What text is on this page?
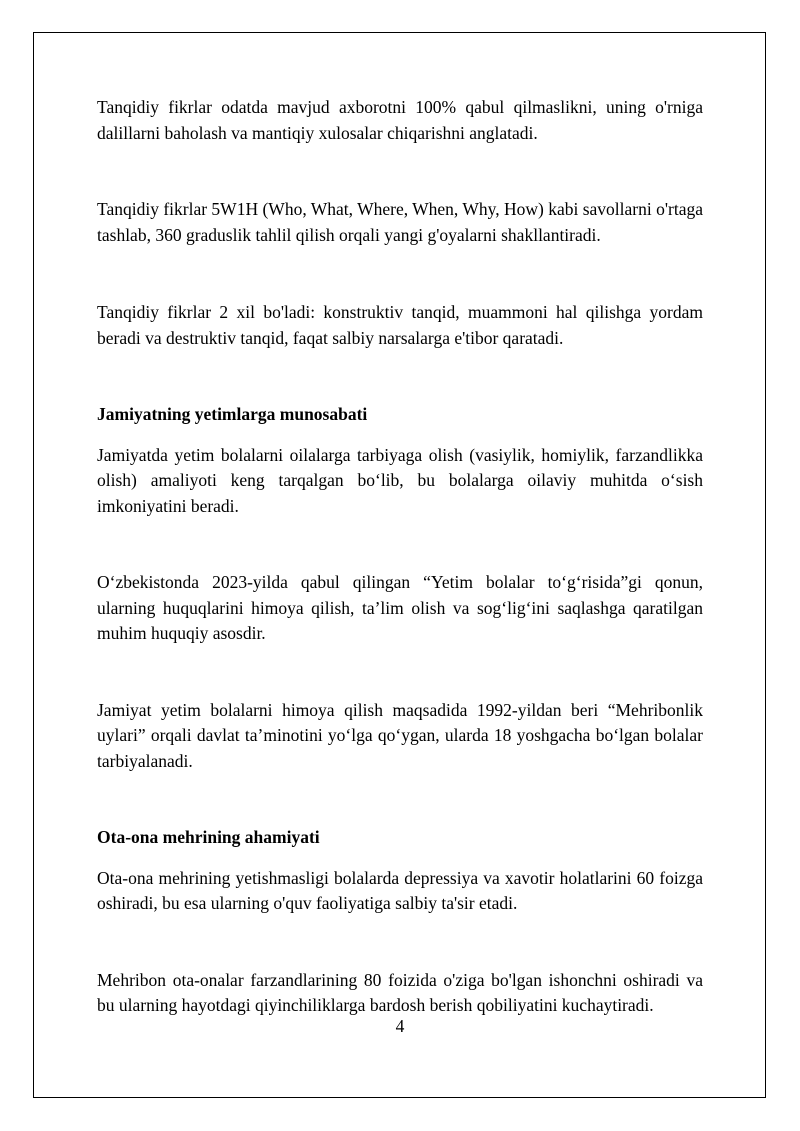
Tanqidiy fikrlar odatda mavjud axborotni 100% qabul qilmaslikni, uning o'rniga dalillarni baholash va mantiqiy xulosalar chiqarishni anglatadi.

Tanqidiy fikrlar 5W1H (Who, What, Where, When, Why, How) kabi savollarni o'rtaga tashlab, 360 graduslik tahlil qilish orqali yangi g'oyalarni shakllantiradi.

Tanqidiy fikrlar 2 xil bo'ladi: konstruktiv tanqid, muammoni hal qilishga yordam beradi va destruktiv tanqid, faqat salbiy narsalarga e'tibor qaratadi.

Jamiyatning yetimlarga munosabati

Jamiyatda yetim bolalarni oilalarga tarbiyaga olish (vasiylik, homiylik, farzandlikka olish) amaliyoti keng tarqalgan bo‘lib, bu bolalarga oilaviy muhitda o‘sish imkoniyatini beradi.

O‘zbekistonda 2023-yilda qabul qilingan “Yetim bolalar to‘g‘risida”gi qonun, ularning huquqlarini himoya qilish, ta’lim olish va sog‘lig‘ini saqlashga qaratilgan muhim huquqiy asosdir.

Jamiyat yetim bolalarni himoya qilish maqsadida 1992-yildan beri “Mehribonlik uylari” orqali davlat ta’minotini yo‘lga qo‘ygan, ularda 18 yoshgacha bo‘lgan bolalar tarbiyalanadi.

Ota-ona mehrining ahamiyati

Ota-ona mehrining yetishmasligi bolalarda depressiya va xavotir holatlarini 60 foizga oshiradi, bu esa ularning o'quv faoliyatiga salbiy ta'sir etadi.

Mehribon ota-onalar farzandlarining 80 foizida o'ziga bo'lgan ishonchni oshiradi va bu ularning hayotdagi qiyinchiliklarga bardosh berish qobiliyatini kuchaytiradi.

4
